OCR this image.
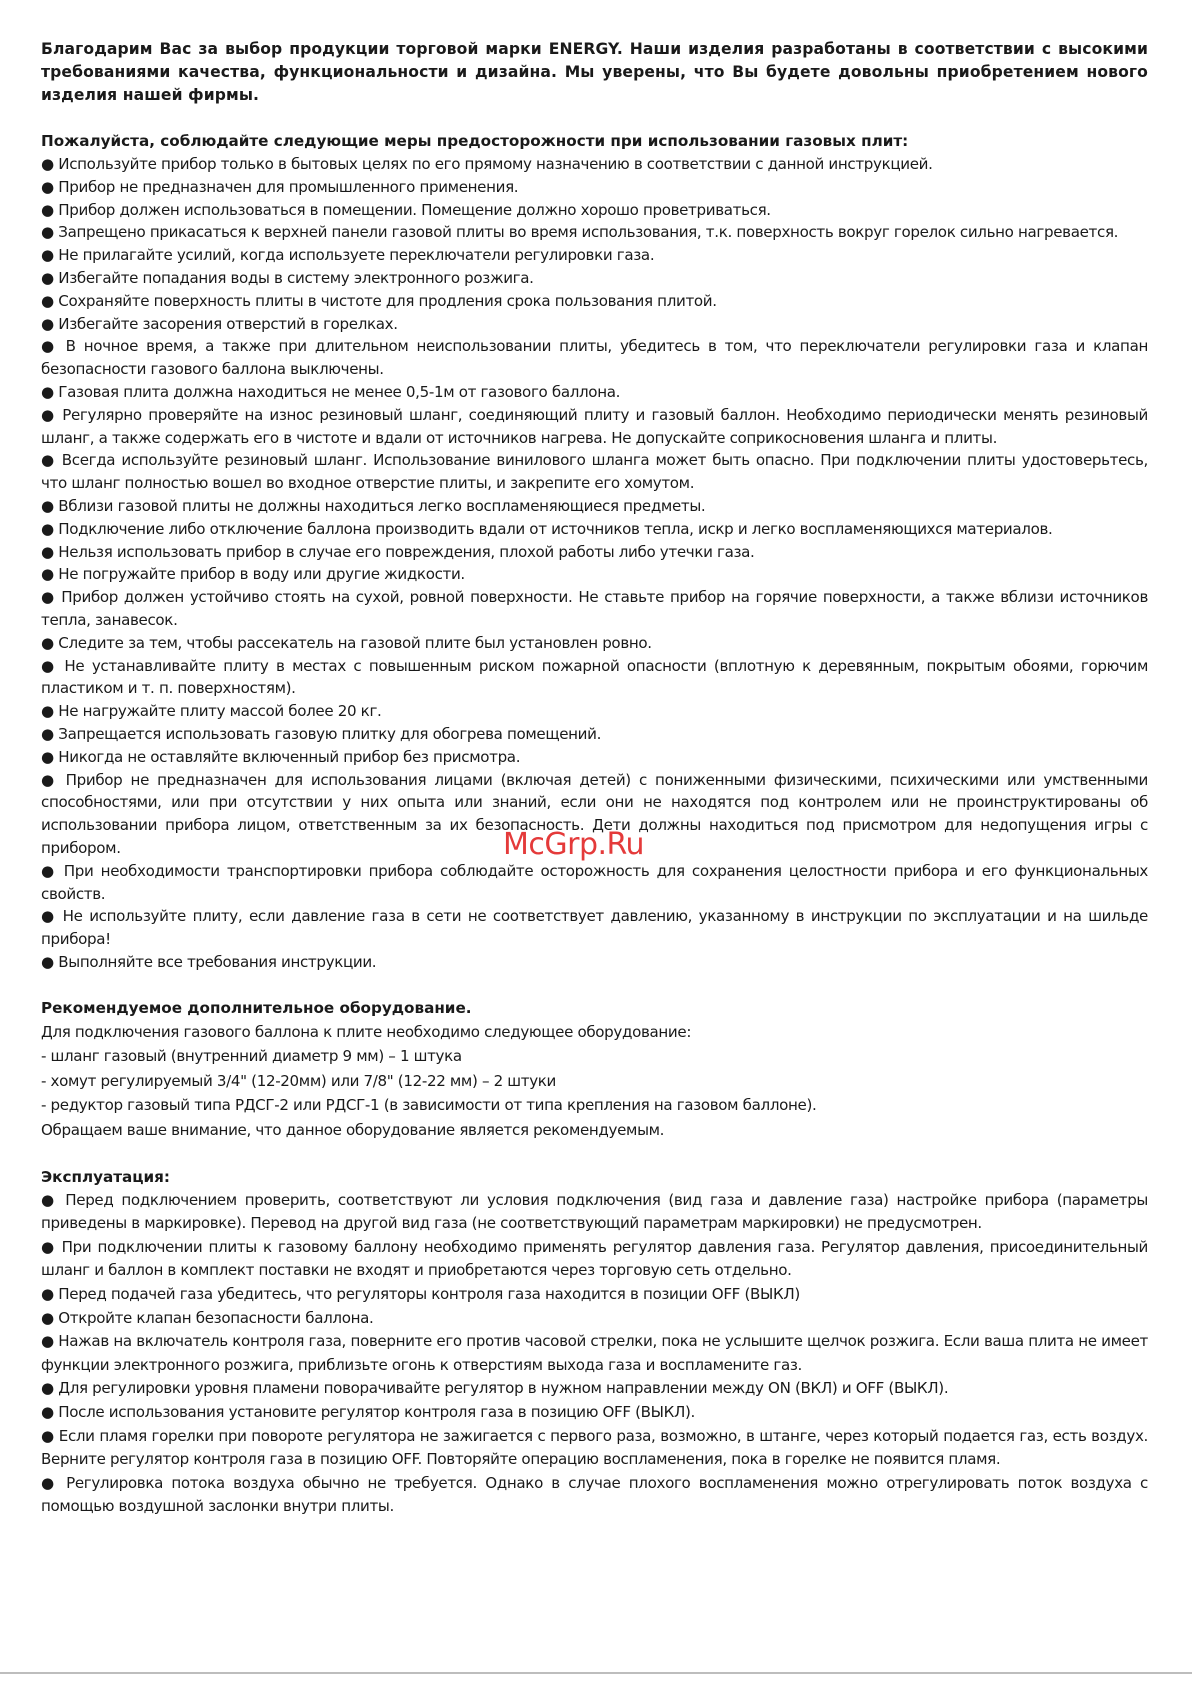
Благодарим Вас за выбор продукции торговой марки ENERGY. Наши изделия разработаны в соответствии с высокими требованиями качества, функциональности и дизайна. Мы уверены, что Вы будете довольны приобретением нового изделия нашей фирмы.

Пожалуйста, соблюдайте следующие меры предосторожности при использовании газовых плит:

● Используйте прибор только в бытовых целях по его прямому назначению в соответствии с данной инструкцией.

● Прибор не предназначен для промышленного применения.

● Прибор должен использоваться в помещении. Помещение должно хорошо проветриваться.

● Запрещено прикасаться к верхней панели газовой плиты во время использования, т.к. поверхность вокруг горелок сильно нагревается.

● Не прилагайте усилий, когда используете переключатели регулировки газа.

● Избегайте попадания воды в систему электронного розжига.

● Сохраняйте поверхность плиты в чистоте для продления срока пользования плитой.

● Избегайте засорения отверстий в горелках.

● В ночное время, а также при длительном неиспользовании плиты, убедитесь в том, что переключатели регулировки газа и клапан безопасности газового баллона выключены.

● Газовая плита должна находиться не менее 0,5-1м от газового баллона.

● Регулярно проверяйте на износ резиновый шланг, соединяющий плиту и газовый баллон. Необходимо периодически менять резиновый шланг, а также содержать его в чистоте и вдали от источников нагрева. Не допускайте соприкосновения шланга и плиты.

● Всегда используйте резиновый шланг. Использование винилового шланга может быть опасно. При подключении плиты удостоверьтесь, что шланг полностью вошел во входное отверстие плиты, и закрепите его хомутом.

● Вблизи газовой плиты не должны находиться легко воспламеняющиеся предметы.

● Подключение либо отключение баллона производить вдали от источников тепла, искр и легко воспламеняющихся материалов.

● Нельзя использовать прибор в случае его повреждения, плохой работы либо утечки газа.

● Не погружайте прибор в воду или другие жидкости.

● Прибор должен устойчиво стоять на сухой, ровной поверхности. Не ставьте прибор на горячие поверхности, а также вблизи источников тепла, занавесок.

● Следите за тем, чтобы рассекатель на газовой плите был установлен ровно.

● Не устанавливайте плиту в местах с повышенным риском пожарной опасности (вплотную к деревянным, покрытым обоями, горючим пластиком и т. п. поверхностям).

● Не нагружайте плиту массой более 20 кг.

● Запрещается использовать газовую плитку для обогрева помещений.

● Никогда не оставляйте включенный прибор без присмотра.

● Прибор не предназначен для использования лицами (включая детей) с пониженными физическими, психическими или умственными способностями, или при отсутствии у них опыта или знаний, если они не находятся под контролем или не проинструктированы об использовании прибора лицом, ответственным за их безопасность. Дети должны находиться под присмотром для недопущения игры с прибором.

● При необходимости транспортировки прибора соблюдайте осторожность для сохранения целостности прибора и его функциональных свойств.

● Не используйте плиту, если давление газа в сети не соответствует давлению, указанному в инструкции по эксплуатации и на шильде прибора!

● Выполняйте все требования инструкции.

Рекомендуемое дополнительное оборудование.

Для подключения газового баллона к плите необходимо следующее оборудование:

- шланг газовый (внутренний диаметр 9 мм) – 1 штука

- хомут регулируемый 3/4" (12-20мм) или 7/8" (12-22 мм) – 2 штуки

- редуктор газовый типа РДСГ-2 или РДСГ-1 (в зависимости от типа крепления на газовом баллоне).

Обращаем ваше внимание, что данное оборудование является рекомендуемым.

Эксплуатация:

● Перед подключением проверить, соответствуют ли условия подключения (вид газа и давление газа) настройке прибора (параметры приведены в маркировке). Перевод на другой вид газа (не соответствующий параметрам маркировки) не предусмотрен.

● При подключении плиты к газовому баллону необходимо применять регулятор давления газа. Регулятор давления, присоединительный шланг и баллон в комплект поставки не входят и приобретаются через торговую сеть отдельно.

● Перед подачей газа убедитесь, что регуляторы контроля газа находится в позиции OFF (ВЫКЛ)

● Откройте клапан безопасности баллона.

● Нажав на включатель контроля газа, поверните его против часовой стрелки, пока не услышите щелчок розжига. Если ваша плита не имеет функции электронного розжига, приблизьте огонь к отверстиям выхода газа и воспламените газ.

● Для регулировки уровня пламени поворачивайте регулятор в нужном направлении между ON (ВКЛ) и OFF (ВЫКЛ).

● После использования установите регулятор контроля газа в позицию OFF (ВЫКЛ).

● Если пламя горелки при повороте регулятора не зажигается с первого раза, возможно, в штанге, через который подается газ, есть воздух. Верните регулятор контроля газа в позицию OFF. Повторяйте операцию воспламенения, пока в горелке не появится пламя.

● Регулировка потока воздуха обычно не требуется. Однако в случае плохого воспламенения можно отрегулировать поток воздуха с помощью воздушной заслонки внутри плиты.

McGrp.Ru
